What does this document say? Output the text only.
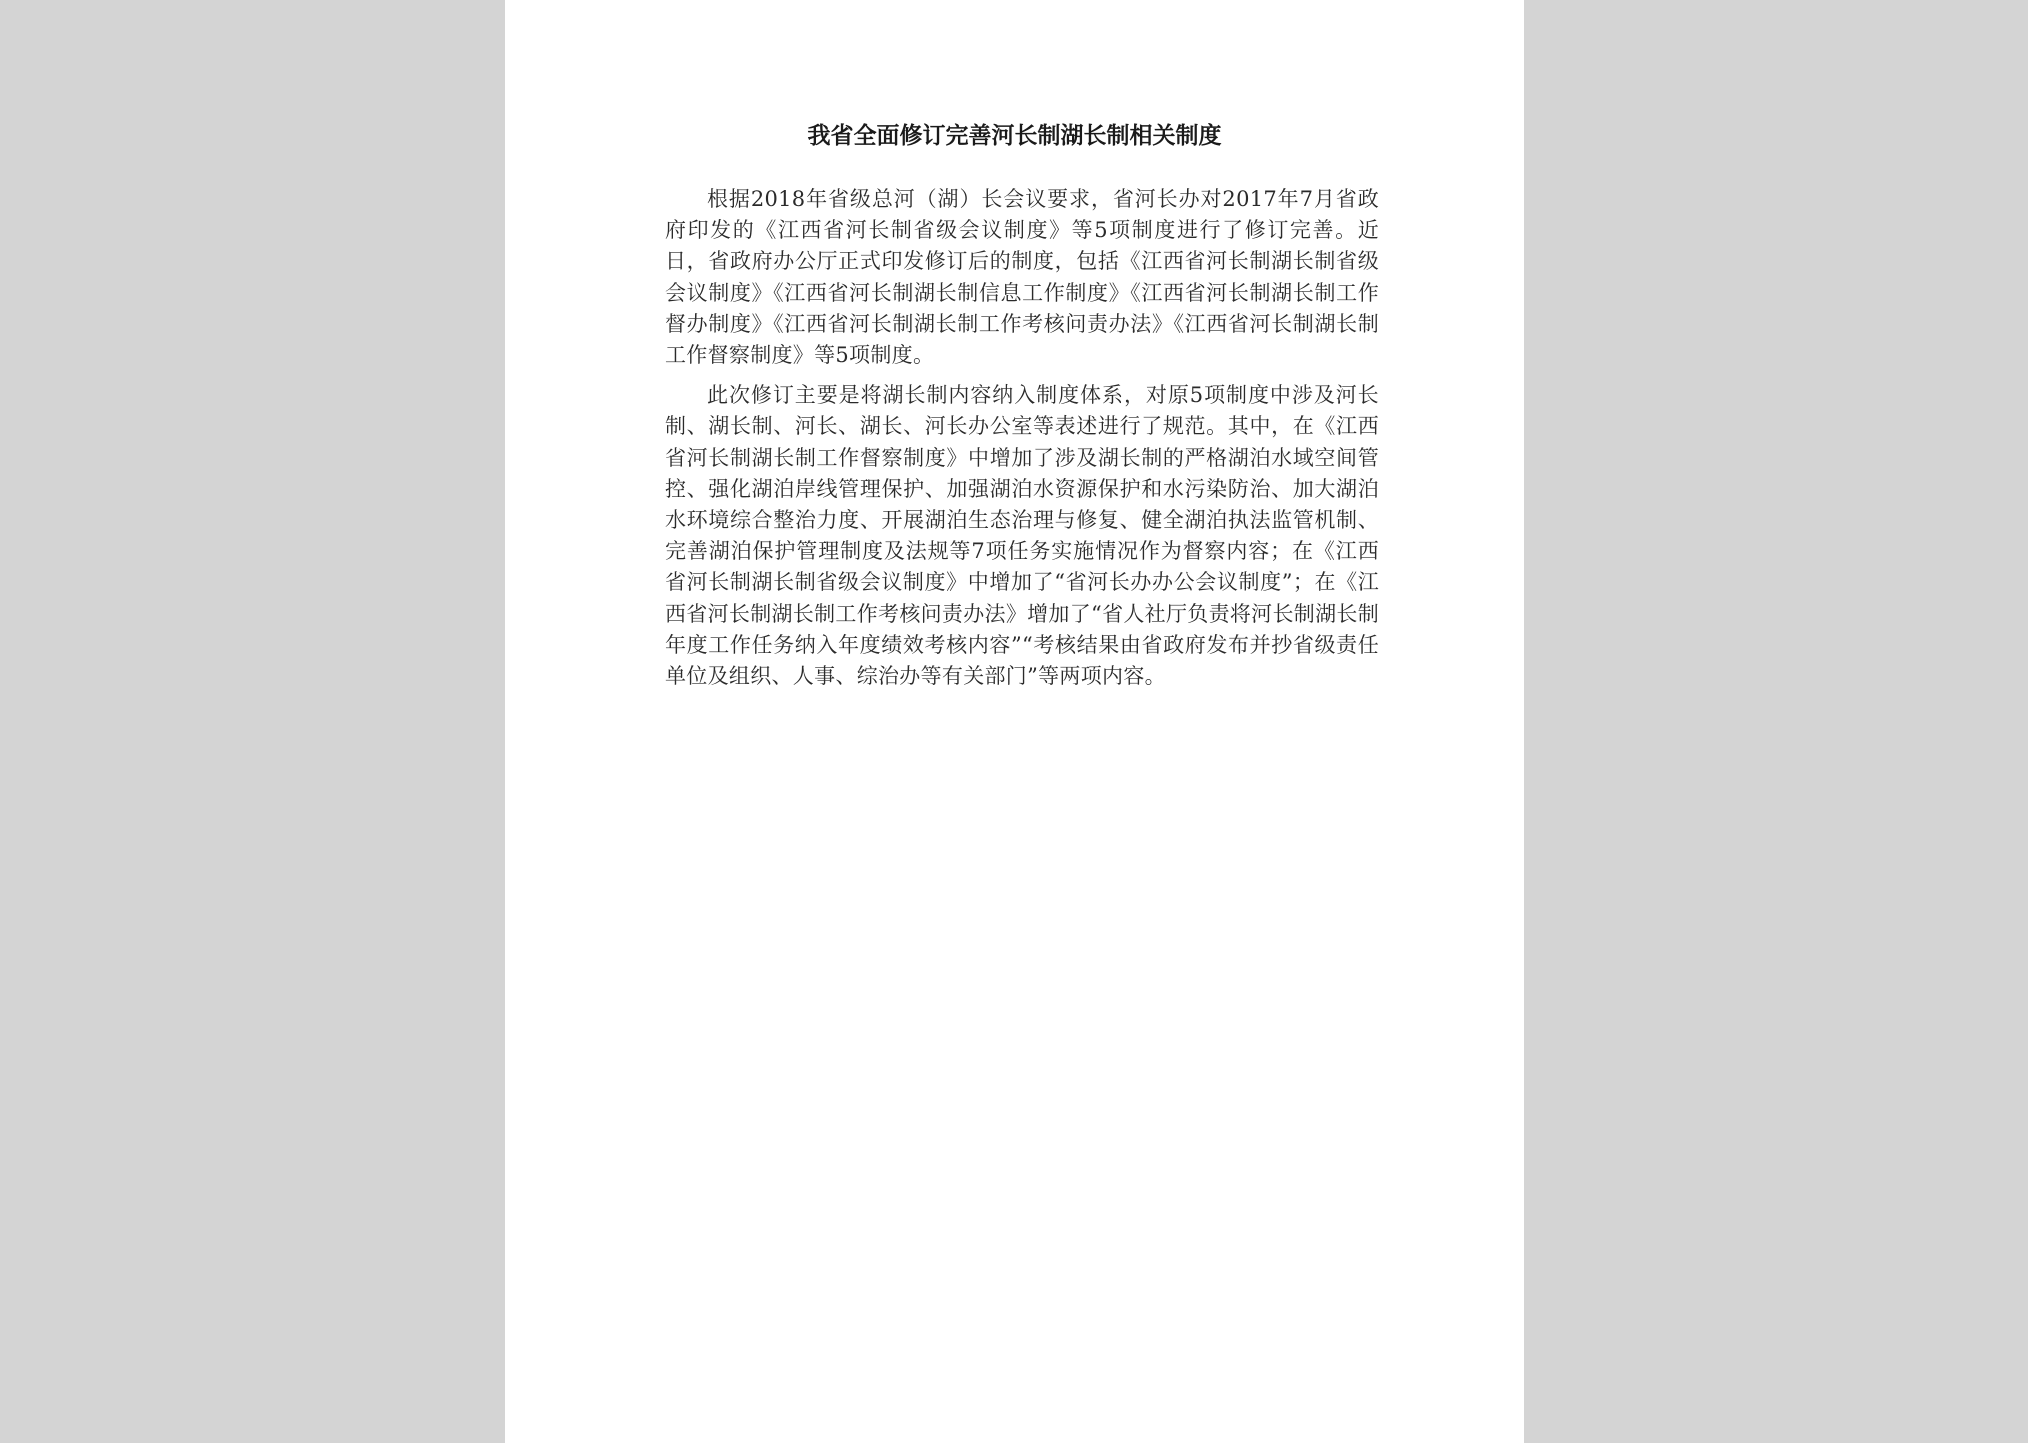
我省全面修订完善河长制湖长制相关制度

根据2018年省级总河（湖）长会议要求，省河长办对2017年7月省政府印发的《江西省河长制省级会议制度》等5项制度进行了修订完善。近日，省政府办公厅正式印发修订后的制度，包括《江西省河长制湖长制省级会议制度》《江西省河长制湖长制信息工作制度》《江西省河长制湖长制工作督办制度》《江西省河长制湖长制工作考核问责办法》《江西省河长制湖长制工作督察制度》等5项制度。

此次修订主要是将湖长制内容纳入制度体系，对原5项制度中涉及河长制、湖长制、河长、湖长、河长办公室等表述进行了规范。其中，在《江西省河长制湖长制工作督察制度》中增加了涉及湖长制的严格湖泊水域空间管控、强化湖泊岸线管理保护、加强湖泊水资源保护和水污染防治、加大湖泊水环境综合整治力度、开展湖泊生态治理与修复、健全湖泊执法监管机制、完善湖泊保护管理制度及法规等7项任务实施情况作为督察内容；在《江西省河长制湖长制省级会议制度》中增加了“省河长办办公会议制度”；在《江西省河长制湖长制工作考核问责办法》增加了“省人社厅负责将河长制湖长制年度工作任务纳入年度绩效考核内容”“考核结果由省政府发布并抄省级责任单位及组织、人事、综治办等有关部门”等两项内容。
